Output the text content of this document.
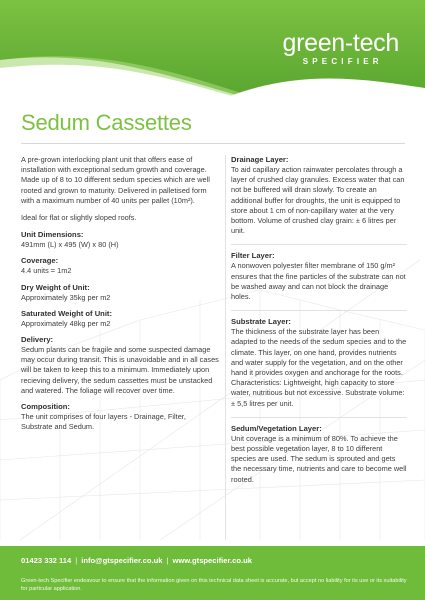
green-tech
SPECIFIER
Sedum Cassettes

A pre-grown interlocking plant unit that offers ease of installation with exceptional sedum growth and coverage. Made up of 8 to 10 different sedum species which are well rooted and grown to maturity. Delivered in palletised form with a maximum number of 40 units per pallet (10m²).

Ideal for flat or slightly sloped roofs.

Unit Dimensions:
491mm (L) x 495 (W) x 80 (H)
Coverage:
4.4 units = 1m2
Dry Weight of Unit:
Approximately 35kg per m2
Saturated Weight of Unit:
Approximately 48kg per m2
Delivery:
Sedum plants can be fragile and some suspected damage may occur during transit. This is unavoidable and in all cases will be taken to keep this to a minimum. Immediately upon recieving delivery, the sedum cassettes must be unstacked and watered. The foliage will recover over time.
Composition:
The unit comprises of four layers - Drainage, Filter, Substrate and Sedum.
Drainage Layer:
To aid capillary action rainwater percolates through a layer of crushed clay granules. Excess water that can not be buffered will drain slowly. To create an additional buffer for droughts, the unit is equipped to store about 1 cm of non-capillary water at the very bottom. Volume of crushed clay grain: ± 6 litres per unit.
Filter Layer:
A nonwoven polyester filter membrane of 150 g/m² ensures that the fine particles of the substrate can not be washed away and can not block the drainage holes.
Substrate Layer:
The thickness of the substrate layer has been adapted to the needs of the sedum species and to the climate. This layer, on one hand, provides nutrients and water supply for the vegetation, and on the other hand it provides oxygen and anchorage for the roots. Characteristics: Lightweight, high capacity to store water, nutritious but not excessive. Substrate volume: ± 5,5 litres per unit.
Sedum/Vegetation Layer:
Unit coverage is a minimum of 80%. To achieve the best possible vegetation layer, 8 to 10 different species are used. The sedum is sprouted and gets the necessary time, nutrients and care to become well rooted.
01423 332 114 | info@gtspecifier.co.uk | www.gtspecifier.co.uk
Green-tech Specifier endeavour to ensure that the information given on this technical data sheet is accurate, but accept no liability for its use or its suitability for particular application.
